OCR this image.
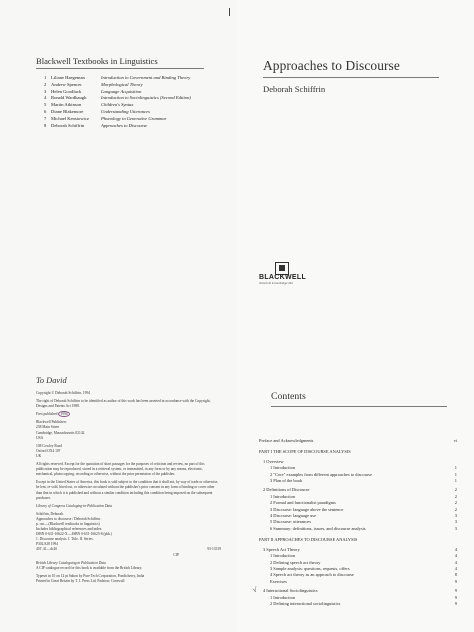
Blackwell Textbooks in Linguistics
1	Liliane Haegeman	Introduction to Government and Binding Theory
2	Andrew Spencer	Morphological Theory
3	Helen Goodluck	Language Acquisition
4	Ronald Wardhaugh	Introduction to Sociolinguistics (Second Edition)
5	Martin Atkinson	Children's Syntax
6	Diane Blakemore	Understanding Utterances
7	Michael Kenstowicz	Phonology in Generative Grammar
8	Deborah Schiffrin	Approaches to Discourse
Approaches to Discourse
Deborah Schiffrin
BLACKWELL
Oxford UK & Cambridge USA
To David

Copyright © Deborah Schiffrin, 1994

The right of Deborah Schiffrin to be identified as author of this work has been asserted in accordance with the Copyright, Designs and Patents Act 1988.

First published 1994

Blackwell Publishers
238 Main Street
Cambridge, Massachusetts 02142
USA

108 Cowley Road
Oxford OX4 1JF
UK

All rights reserved. Except for the quotation of short passages for the purposes of criticism and review, no part of this publication may be reproduced, stored in a retrieval system, or transmitted, in any form or by any means, electronic, mechanical, photocopying, recording or otherwise, without the prior permission of the publisher.

Except in the United States of America, this book is sold subject to the condition that it shall not, by way of trade or otherwise, be lent, re-sold, hired out, or otherwise circulated without the publisher's prior consent in any form of binding or cover other than that in which it is published and without a similar condition including this condition being imposed on the subsequent purchaser.

Library of Congress Cataloging-in-Publication Data

Schiffrin, Deborah.
Approaches to discourse / Deborah Schiffrin.
p. cm.—(Blackwell textbooks in linguistics)
Includes bibliographical references and index.
ISBN 0-631-16622-X.—ISBN 0-631-16623-8 (pbk.)
1. Discourse analysis. I. Title. II. Series.
P302.S28 1994

401'.41—dc20	93-13319
CIP

British Library Cataloguing in Publication Data

A CIP catalogue record for this book is available from the British Library.

Typeset in 10 on 12 pt Sabon by Pure Tech Corporation, Pondicherry, India

Printed in Great Britain by T. J. Press Ltd, Padstow, Cornwall

Contents
√
Preface and Acknowledgments	vi
PART I THE SCOPE OF DISCOURSE ANALYSIS
1 Overview
1 Introduction	1
2 "Core" examples from different approaches to discourse	1
3 Plan of the book	1
2 Definitions of Discourse	2
1 Introduction	2
2 Formal and functionalist paradigms	2
3 Discourse: language above the sentence	2
4 Discourse: language use	3
5 Discourse: utterances	3
6 Summary: definitions, issues, and discourse analysis	3
PART II APPROACHES TO DISCOURSE ANALYSIS
3 Speech Act Theory	4
1 Introduction	4
2 Defining speech act theory	4
3 Sample analysis: questions, requests, offers	4
4 Speech act theory as an approach to discourse	8
Exercises	9
4 Interactional Sociolinguistics	9
1 Introduction	9
2 Defining interactional sociolinguistics	9
